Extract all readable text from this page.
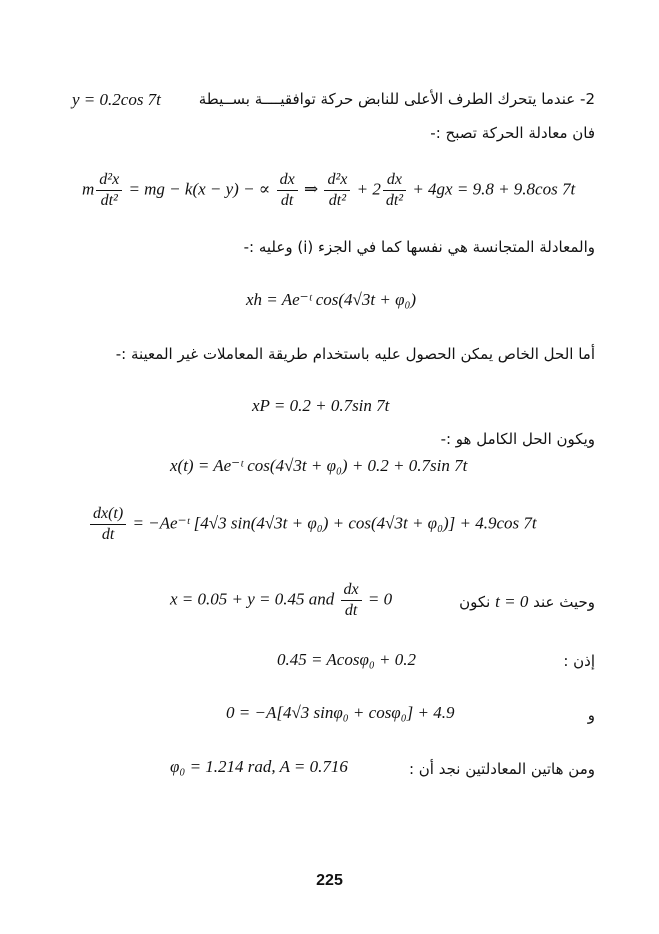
2- عندما يتحرك الطرف الأعلى للنابض حركة توافقيــــة بســيطة
y = 0.2cos 7t
فان معادلة الحركة تصبح :-
m $\frac{\text{d²x}}{\text{dt²}}$ = mg − k(x − y) − ∝ $\frac{dx}{dt}$ ⇒ $\frac{\text{d²x}}{\text{dt²}} + 2 \frac{dx}{\text{dt²}} + 4gx = 9.8 + 9.8\cos$ 7t
والمعادلة المتجانسة هي نفسها كما في الجزء (i) وعليه :-
xh = Ae⁻ᵗ cos(4√3t + φ₀)
أما الحل الخاص يمكن الحصول عليه باستخدام طريقة المعاملات غير المعينة :-
xP = 0.2 + 0.7sin 7t
ويكون الحل الكامل هو :-
x(t) = Ae⁻ᵗ cos(4√3t + φ₀) + 0.2 + 0.7sin 7t
$\frac{dx(t)}{dt}$ = −Ae⁻ᵗ [4√3 sin(4√3t + φ₀) + cos(4√3t + φ₀)] + 4.9cos 7t
x = 0.05 + y = 0.45 and $\frac{dx}{dt} = 0$	وحيث عند t = 0 نكون
إذن :
0.45 = Acosφ₀ + 0.2
و
0 = −A[4√3 sinφ₀ + cosφ₀] + 4.9
ومن هاتين المعادلتين نجد أن :
φ₀ = 1.214 rad, A = 0.716
225
